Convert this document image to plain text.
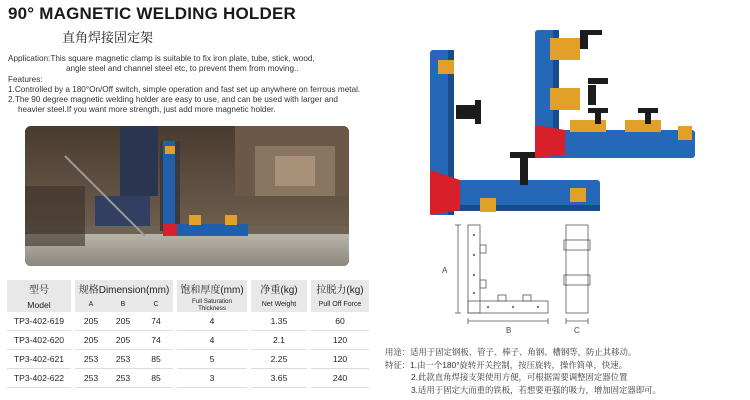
90° MAGNETIC WELDING HOLDER
直角焊接固定架
Application:This square magnetic clamp is suitable to fix iron plate, tube, stick, wood,
angle steel and channel steel etc, to prevent them from moving..
Features:
1.Controlled by a 180°On/Off switch, simple operation and fast set up anywhere on ferrous metal.
2.The 90 degree magnetic welding holder are easy to use, and can be used with larger and
heavier steel.If you want more strength, just add more magnetic holder.
型号		规格Dimension(mm)				饱和厚度(mm)		净重(kg)		拉脱力(kg)
Model		A	B	C		Full Saturation
Thickness		Net Weight		Pull Off Force
TP3-402-619		205	205	74		4		1.35		60
TP3-402-620		205	205	74		4		2.1		120
TP3-402-621		253	253	85		5		2.25		120
TP3-402-622		253	253	85		3		3.65		240
A
B	C
用途：适用于固定钢板、管子、棒子、角钢、槽钢等，防止其移动。
特征：1.由一个180°旋转开关控制，按压旋转，操作简单，快速。
2.此款直角焊接支架使用方便，可根据需要调整固定器位置
3.适用于固定大而重的铁板，若想要更强的吸力，增加固定器即可。
